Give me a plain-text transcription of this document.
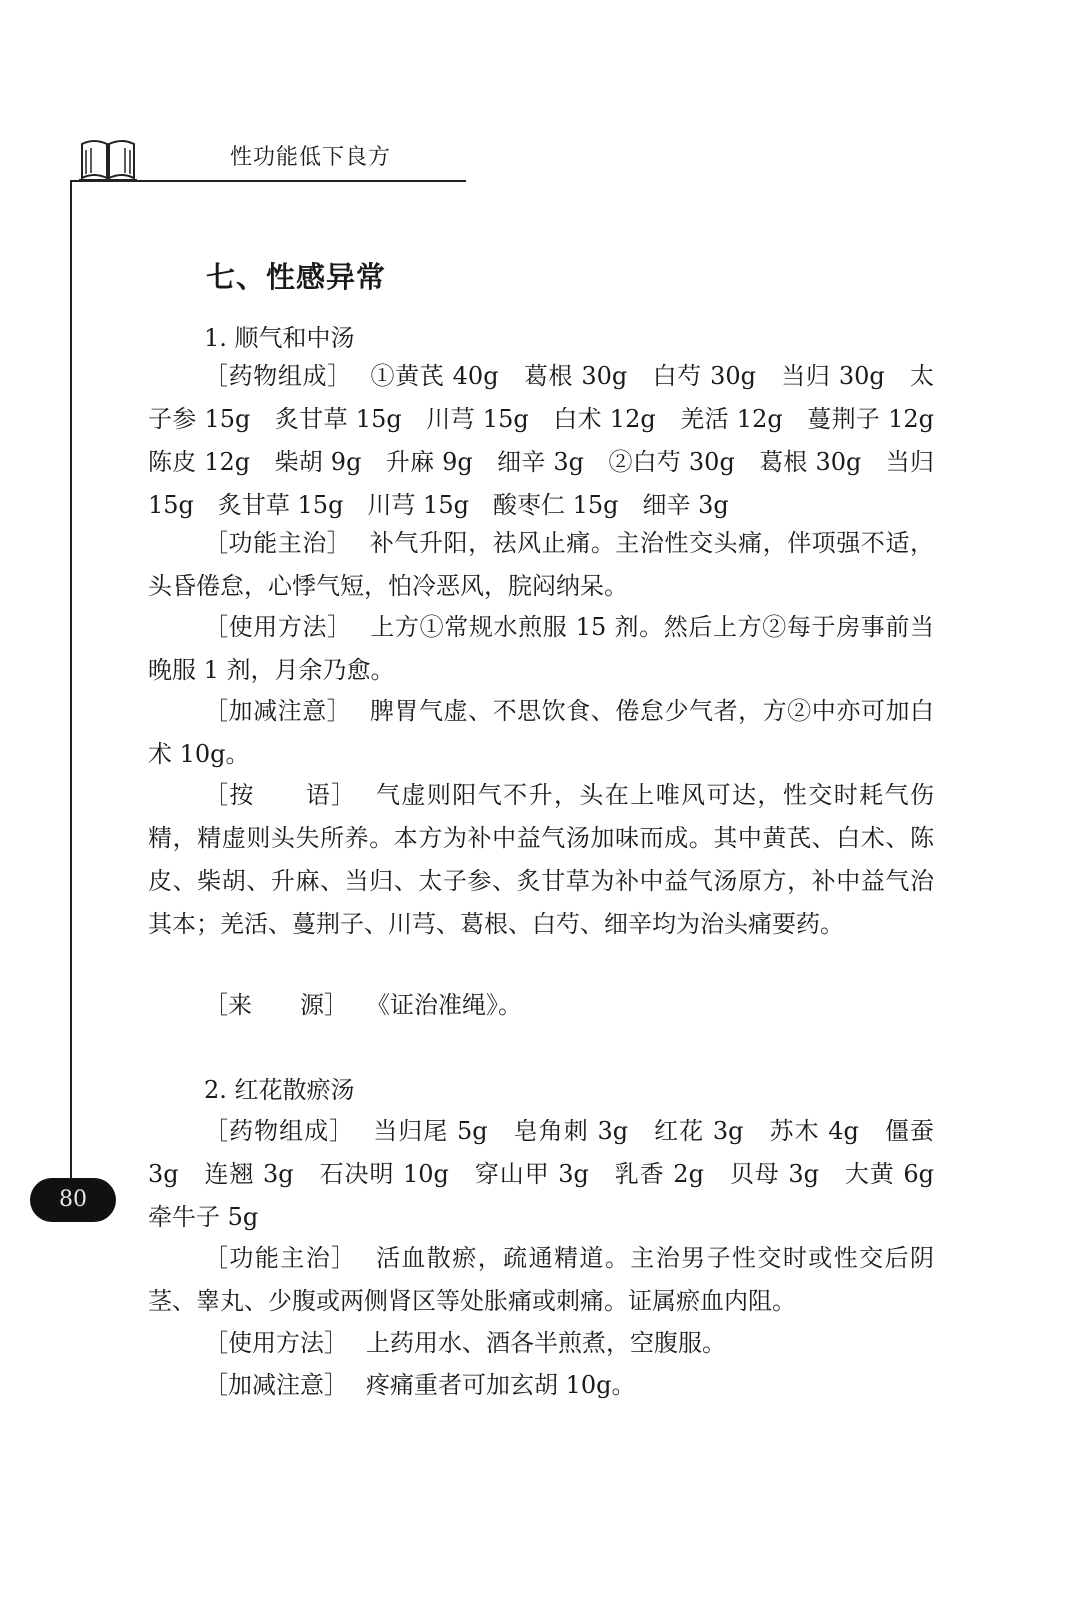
性功能低下良方
80
七、性感异常
1. 顺气和中汤
［药物组成］ ①黄芪 40g　葛根 30g　白芍 30g　当归 30g　太子参 15g　炙甘草 15g　川芎 15g　白术 12g　羌活 12g　蔓荆子 12g　陈皮 12g　柴胡 9g　升麻 9g　细辛 3g　②白芍 30g　葛根 30g　当归 15g　炙甘草 15g　川芎 15g　酸枣仁 15g　细辛 3g
［功能主治］ 补气升阳，祛风止痛。主治性交头痛，伴项强不适，头昏倦怠，心悸气短，怕冷恶风，脘闷纳呆。
［使用方法］ 上方①常规水煎服 15 剂。然后上方②每于房事前当晚服 1 剂，月余乃愈。
［加减注意］ 脾胃气虚、不思饮食、倦怠少气者，方②中亦可加白术 10g。
［按　　语］ 气虚则阳气不升，头在上唯风可达，性交时耗气伤精，精虚则头失所养。本方为补中益气汤加味而成。其中黄芪、白术、陈皮、柴胡、升麻、当归、太子参、炙甘草为补中益气汤原方，补中益气治其本；羌活、蔓荆子、川芎、葛根、白芍、细辛均为治头痛要药。
［来　　源］ 《证治准绳》。
2. 红花散瘀汤
［药物组成］ 当归尾 5g　皂角刺 3g　红花 3g　苏木 4g　僵蚕 3g　连翘 3g　石决明 10g　穿山甲 3g　乳香 2g　贝母 3g　大黄 6g　牵牛子 5g
［功能主治］ 活血散瘀，疏通精道。主治男子性交时或性交后阴茎、睾丸、少腹或两侧肾区等处胀痛或刺痛。证属瘀血内阻。
［使用方法］ 上药用水、酒各半煎煮，空腹服。
［加减注意］ 疼痛重者可加玄胡 10g。
